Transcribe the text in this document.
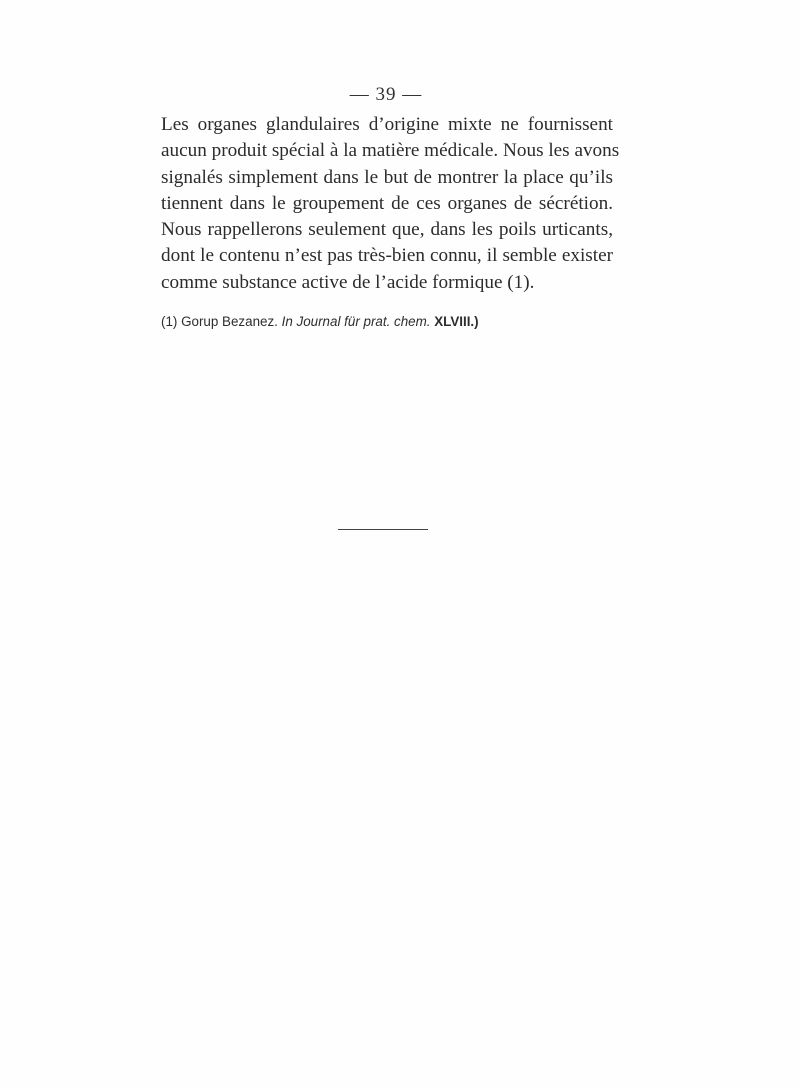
— 39 —

Les organes glandulaires d’origine mixte ne fournissent
aucun produit spécial à la matière médicale. Nous les avons
signalés simplement dans le but de montrer la place qu’ils
tiennent dans le groupement de ces organes de sécrétion.
Nous rappellerons seulement que, dans les poils urticants,
dont le contenu n’est pas très-bien connu, il semble exister
comme substance active de l’acide formique (1).

(1) Gorup Bezanez. In Journal für prat. chem. XLVIII.)
